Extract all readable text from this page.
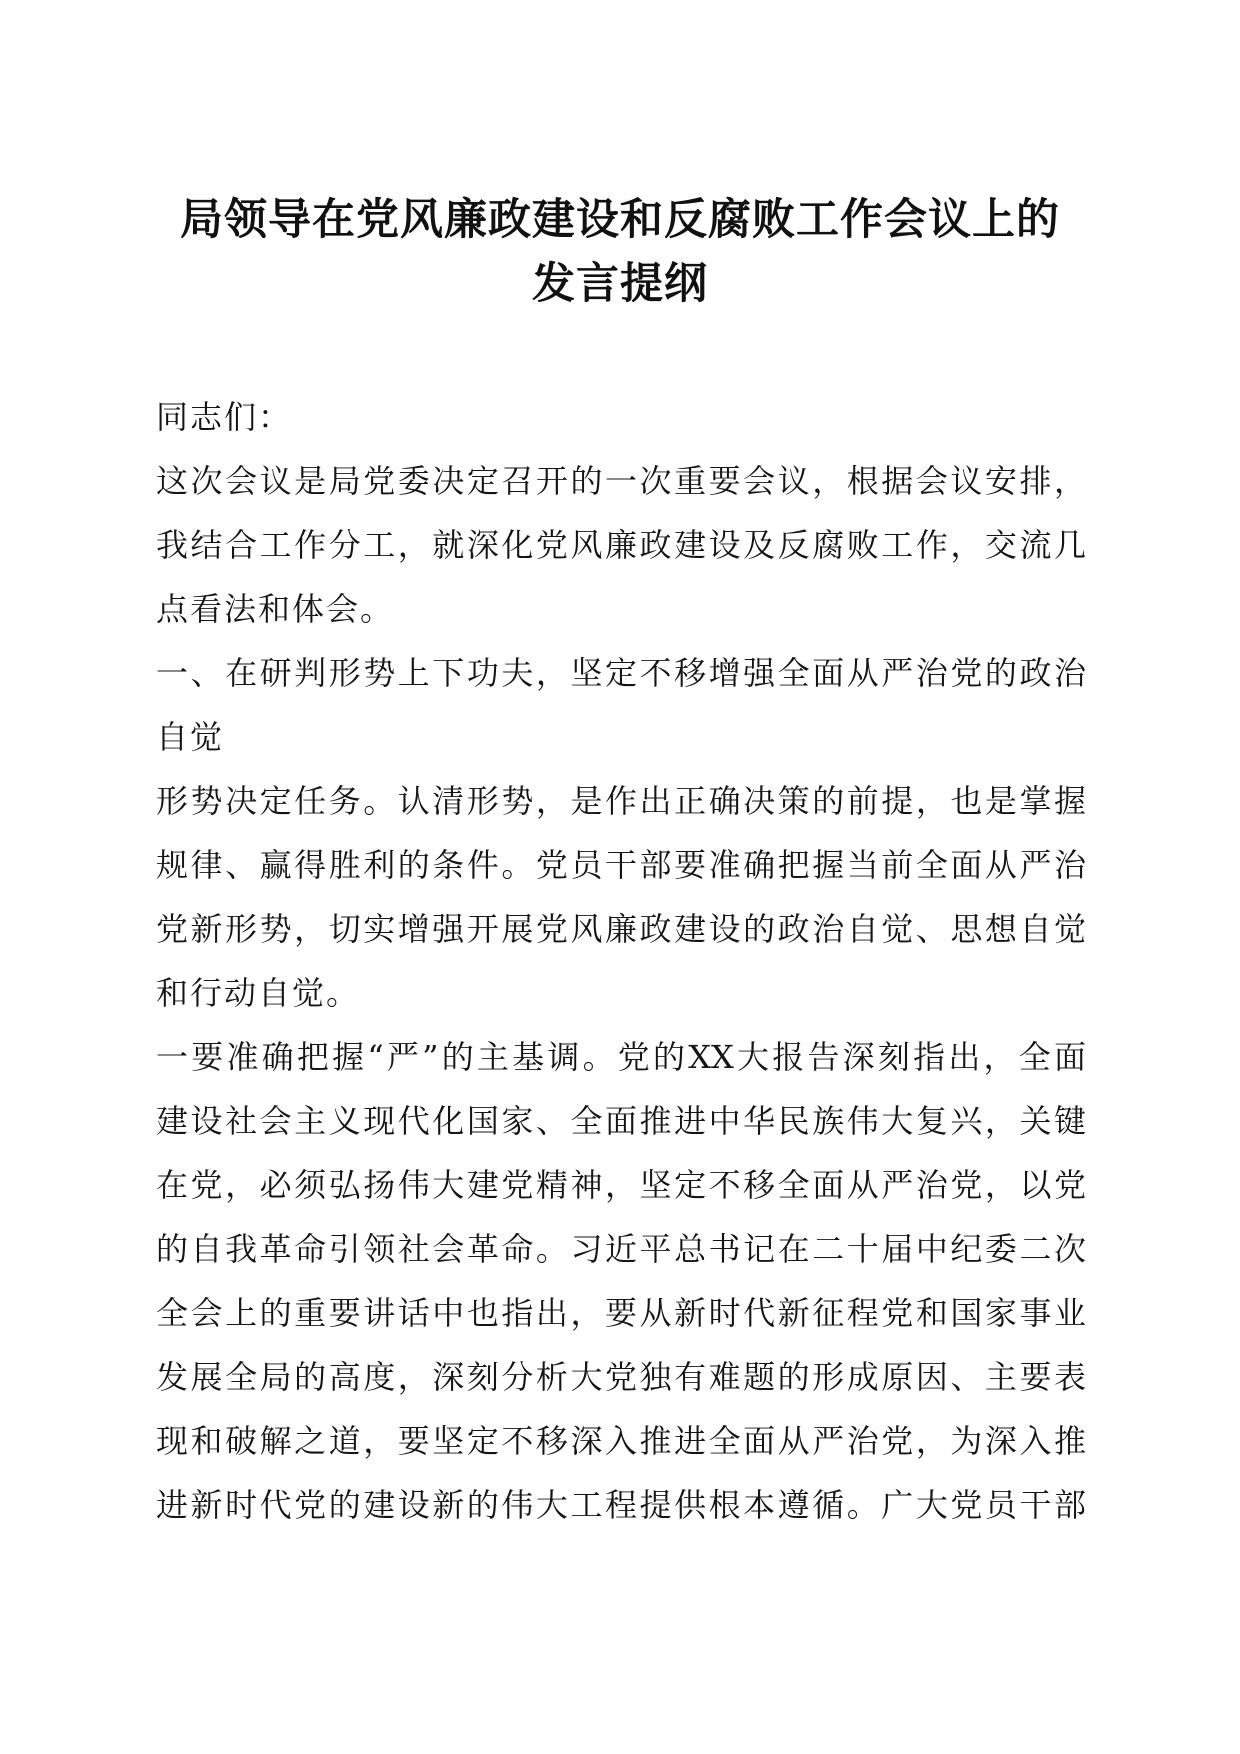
局领导在党风廉政建设和反腐败工作会议上的
发言提纲
同志们：
这次会议是局党委决定召开的一次重要会议，根据会议安排，
我结合工作分工，就深化党风廉政建设及反腐败工作，交流几
点看法和体会。
一、在研判形势上下功夫，坚定不移增强全面从严治党的政治
自觉
形势决定任务。认清形势，是作出正确决策的前提，也是掌握
规律、赢得胜利的条件。党员干部要准确把握当前全面从严治
党新形势，切实增强开展党风廉政建设的政治自觉、思想自觉
和行动自觉。
一要准确把握“严”的主基调。党的XX大报告深刻指出，全面
建设社会主义现代化国家、全面推进中华民族伟大复兴，关键
在党，必须弘扬伟大建党精神，坚定不移全面从严治党，以党
的自我革命引领社会革命。习近平总书记在二十届中纪委二次
全会上的重要讲话中也指出，要从新时代新征程党和国家事业
发展全局的高度，深刻分析大党独有难题的形成原因、主要表
现和破解之道，要坚定不移深入推进全面从严治党，为深入推
进新时代党的建设新的伟大工程提供根本遵循。广大党员干部
